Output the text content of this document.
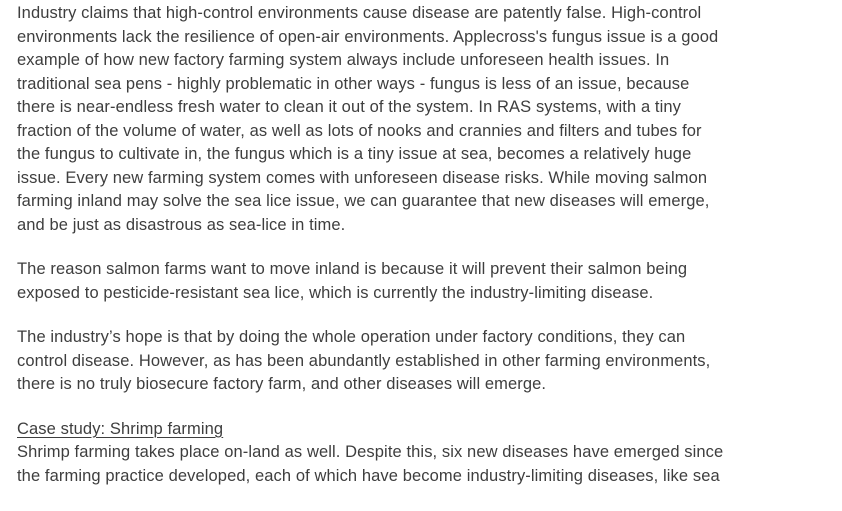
Industry claims that high-control environments cause disease are patently false. High-control
environments lack the resilience of open-air environments. Applecross's fungus issue is a good
example of how new factory farming system always include unforeseen health issues. In
traditional sea pens - highly problematic in other ways - fungus is less of an issue, because
there is near-endless fresh water to clean it out of the system. In RAS systems, with a tiny
fraction of the volume of water, as well as lots of nooks and crannies and filters and tubes for
the fungus to cultivate in, the fungus which is a tiny issue at sea, becomes a relatively huge
issue. Every new farming system comes with unforeseen disease risks. While moving salmon
farming inland may solve the sea lice issue, we can guarantee that new diseases will emerge,
and be just as disastrous as sea-lice in time.
The reason salmon farms want to move inland is because it will prevent their salmon being
exposed to pesticide-resistant sea lice, which is currently the industry-limiting disease.
The industry’s hope is that by doing the whole operation under factory conditions, they can
control disease. However, as has been abundantly established in other farming environments,
there is no truly biosecure factory farm, and other diseases will emerge.
Case study: Shrimp farming
Shrimp farming takes place on-land as well. Despite this, six new diseases have emerged since
the farming practice developed, each of which have become industry-limiting diseases, like sea
